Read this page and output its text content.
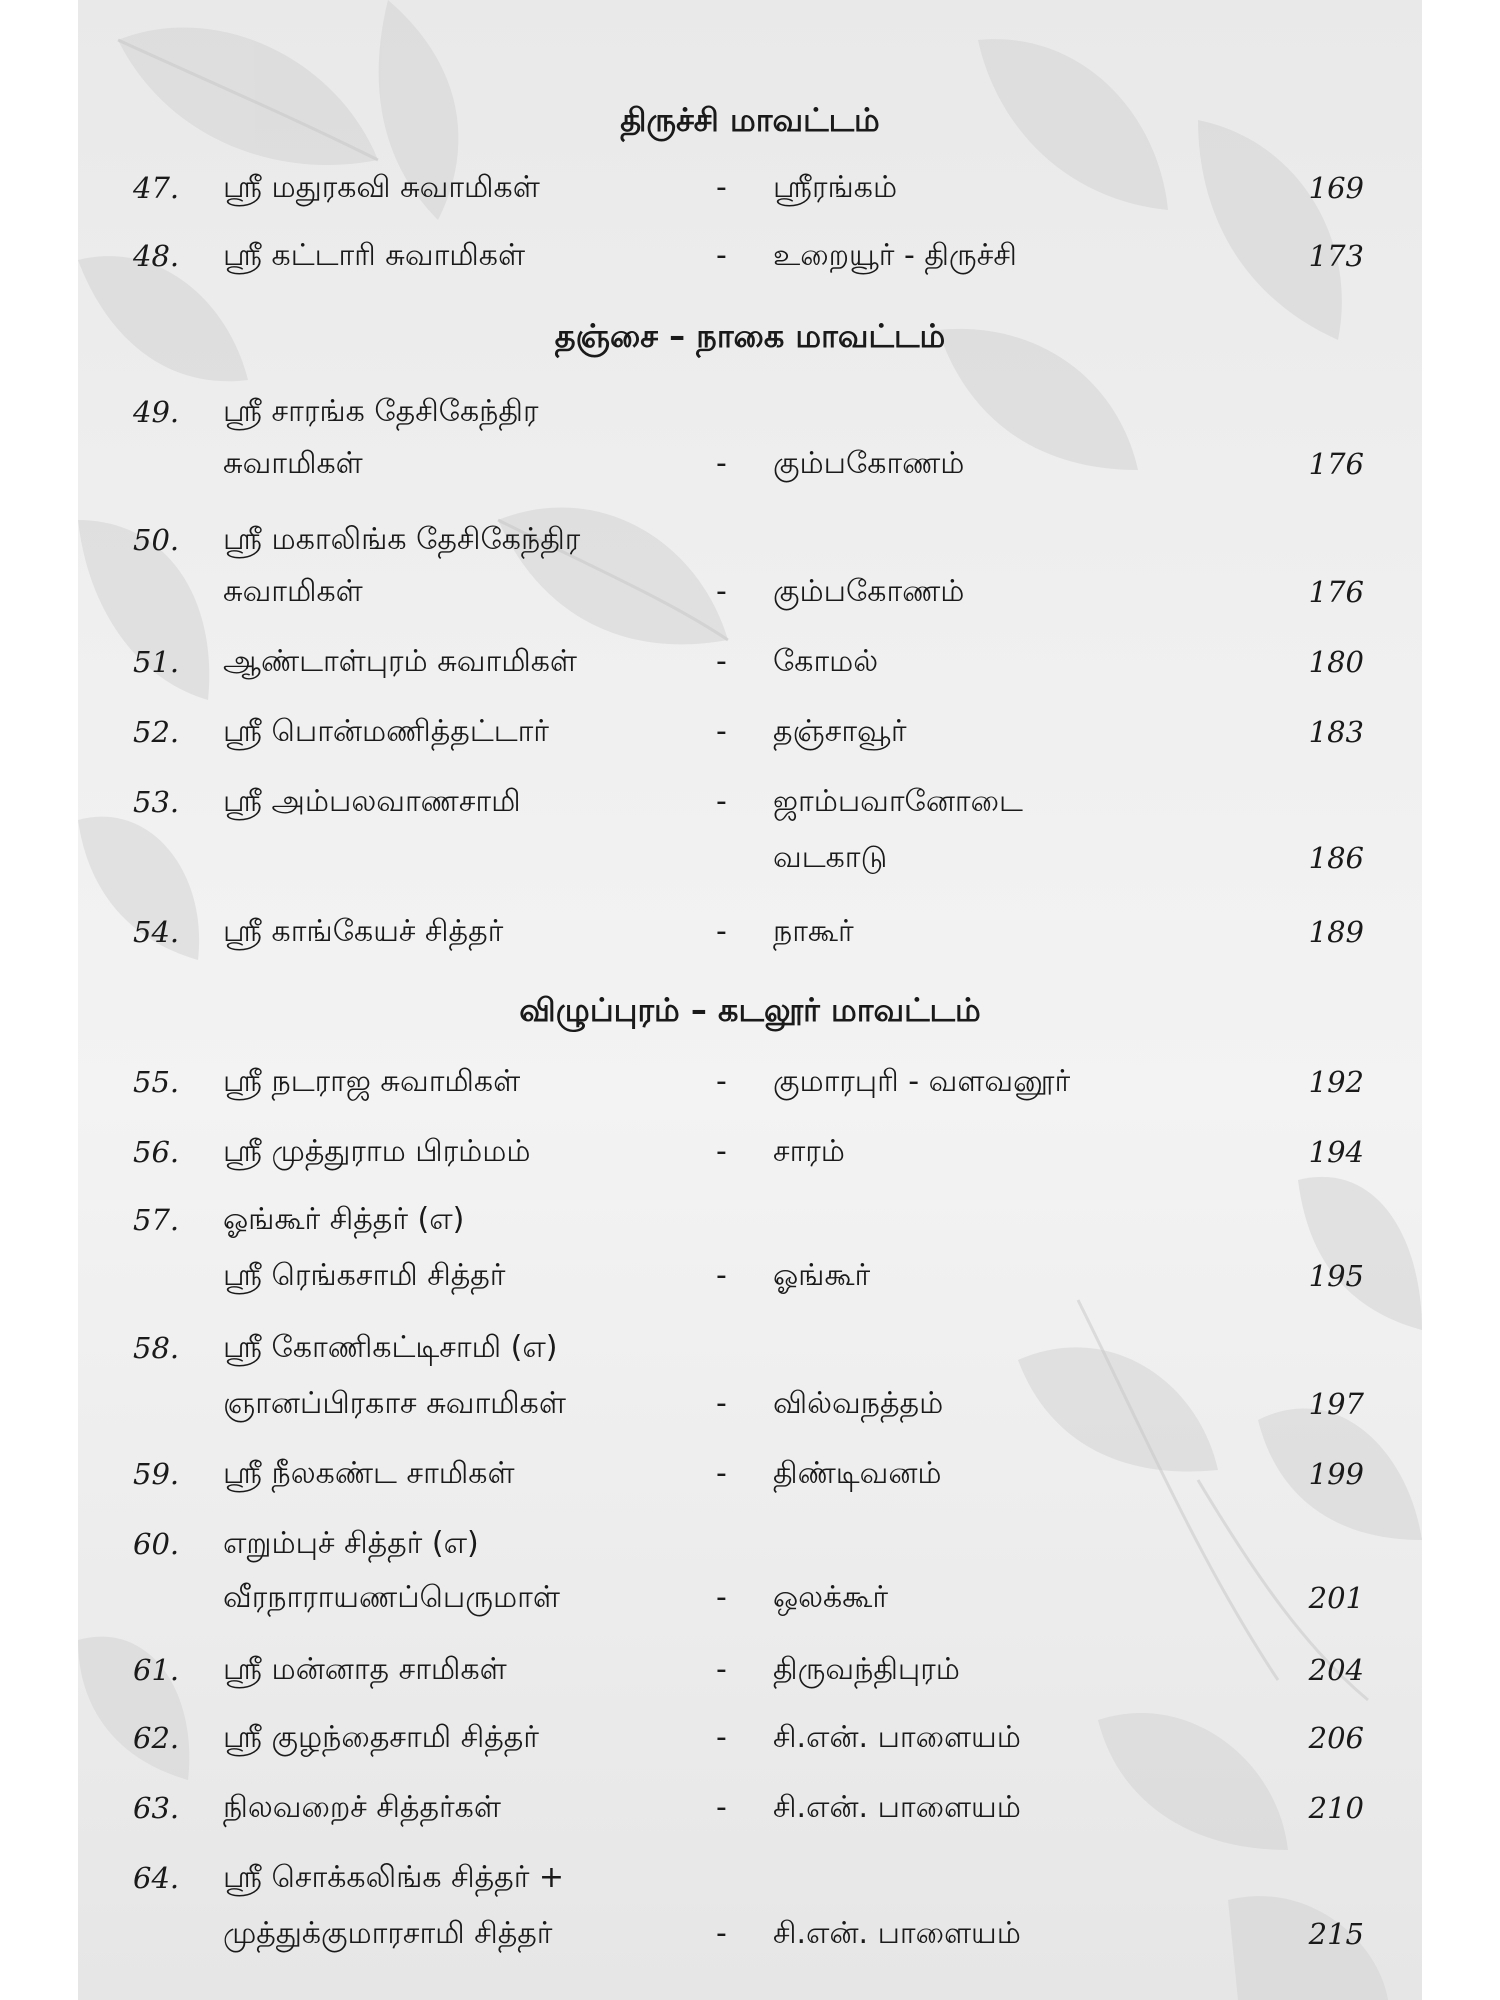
திருச்சி மாவட்டம்
47. ஸ்ரீ மதுரகவி சுவாமிகள்	- ஸ்ரீரங்கம்	169
48. ஸ்ரீ கட்டாரி சுவாமிகள்	- உறையூர் - திருச்சி	173
தஞ்சை – நாகை மாவட்டம்
49. ஸ்ரீ சாரங்க தேசிகேந்திர
சுவாமிகள்	- கும்பகோணம்	176
50. ஸ்ரீ மகாலிங்க தேசிகேந்திர
சுவாமிகள்	- கும்பகோணம்	176
51. ஆண்டாள்புரம் சுவாமிகள்	- கோமல்	180
52. ஸ்ரீ பொன்மணித்தட்டார்	- தஞ்சாவூர்	183
53. ஸ்ரீ அம்பலவாணசாமி	- ஜாம்பவானோடை
வடகாடு	186
54. ஸ்ரீ காங்கேயச் சித்தர்	- நாகூர்	189
விழுப்புரம் – கடலூர் மாவட்டம்
55. ஸ்ரீ நடராஜ சுவாமிகள்	- குமாரபுரி - வளவனூர்	192
56. ஸ்ரீ முத்துராம பிரம்மம்	- சாரம்	194
57. ஓங்கூர் சித்தர் (எ)
ஸ்ரீ ரெங்கசாமி சித்தர்	- ஓங்கூர்	195
58. ஸ்ரீ கோணிகட்டிசாமி (எ)
ஞானப்பிரகாச சுவாமிகள்	- வில்வநத்தம்	197
59. ஸ்ரீ நீலகண்ட சாமிகள்	- திண்டிவனம்	199
60. எறும்புச் சித்தர் (எ)
வீரநாராயணப்பெருமாள்	- ஒலக்கூர்	201
61. ஸ்ரீ மன்னாத சாமிகள்	- திருவந்திபுரம்	204
62. ஸ்ரீ குழந்தைசாமி சித்தர்	- சி.என். பாளையம்	206
63. நிலவறைச் சித்தர்கள்	- சி.என். பாளையம்	210
64. ஸ்ரீ சொக்கலிங்க சித்தர் +
முத்துக்குமாரசாமி சித்தர்	- சி.என். பாளையம்	215
